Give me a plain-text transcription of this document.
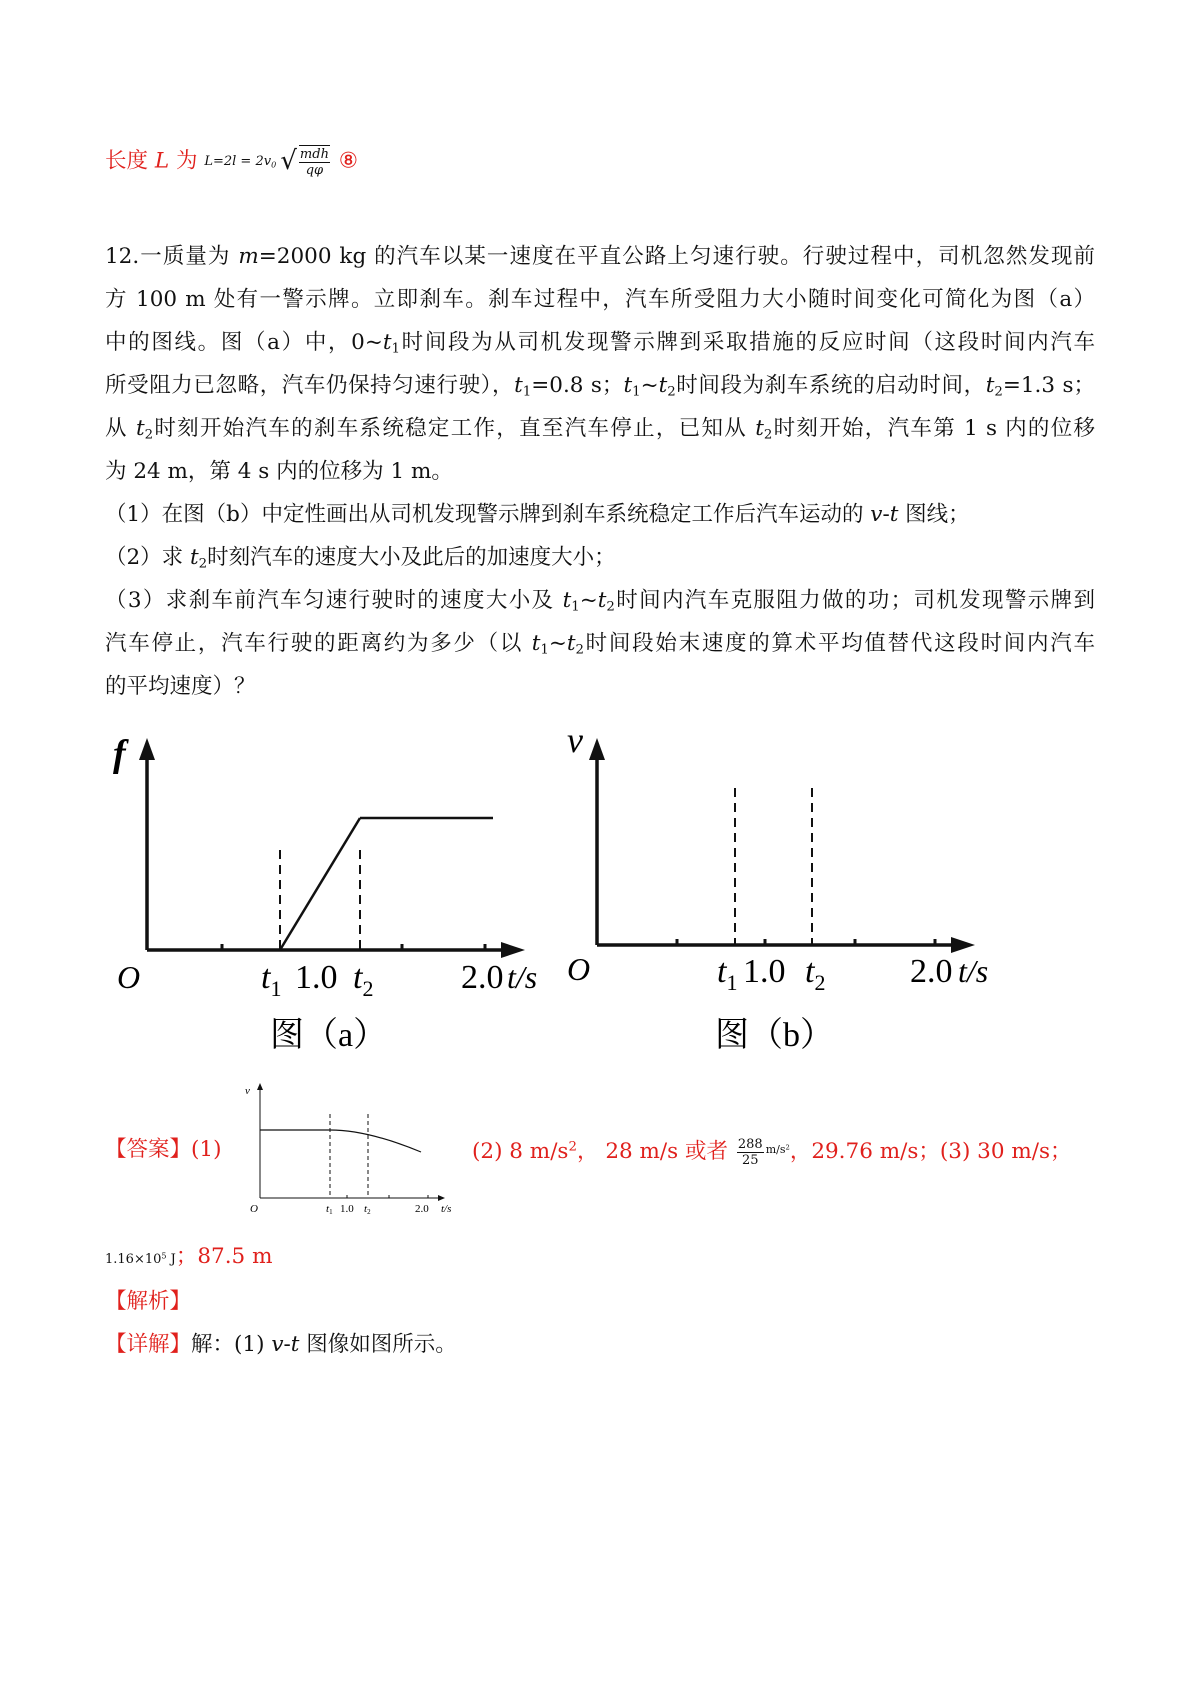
长度 L 为 $L=2l = 2v_0$ √ $\frac{\text{mdh}}{q\varphi}$ ⑧
12.一质量为 m=2000 kg 的汽车以某一速度在平直公路上匀速行驶。行驶过程中，司机忽然发现前
方 100 m 处有一警示牌。立即刹车。刹车过程中，汽车所受阻力大小随时间变化可简化为图（a）
中的图线。图（a）中，$0\sim t_1$时间段为从司机发现警示牌到采取措施的反应时间（这段时间内汽车
所受阻力已忽略，汽车仍保持匀速行驶），$t_1=0.8$ s；$t_1\sim t_2$时间段为刹车系统的启动时间，$t_2=1.3$ s；
从 $t_2$时刻开始汽车的刹车系统稳定工作，直至汽车停止，已知从 $t_2$时刻开始，汽车第 1 s 内的位移
为 24 m，第 4 s 内的位移为 1 m。
（1）在图（b）中定性画出从司机发现警示牌到刹车系统稳定工作后汽车运动的 v-t 图线；
（2）求 $t_2$时刻汽车的速度大小及此后的加速度大小；
（3）求刹车前汽车匀速行驶时的速度大小及 $t_1\sim t_2$时间内汽车克服阻力做的功；司机发现警示牌到
汽车停止，汽车行驶的距离约为多少（以 $t_1\sim t_2$时间段始末速度的算术平均值替代这段时间内汽车
的平均速度）？
f
O	$t_1$ 1.0 $t_2$	2.0 t/s
图（a）
v
O	$t_1$ 1.0 $t_2$ 2.0 t/s
图（b）
【答案】(1)
v
O	t1 1.0 t2	2.0 t/s
(2) 8 $m/s^2$， 28 m/s 或者 $\frac{288}{25} ^{m/s^2}$，29.76 m/s；(3) 30 m/s；
$1.16\times 10^5$ J；87.5 m
【解析】
【详解】解：(1) v-t 图像如图所示。
